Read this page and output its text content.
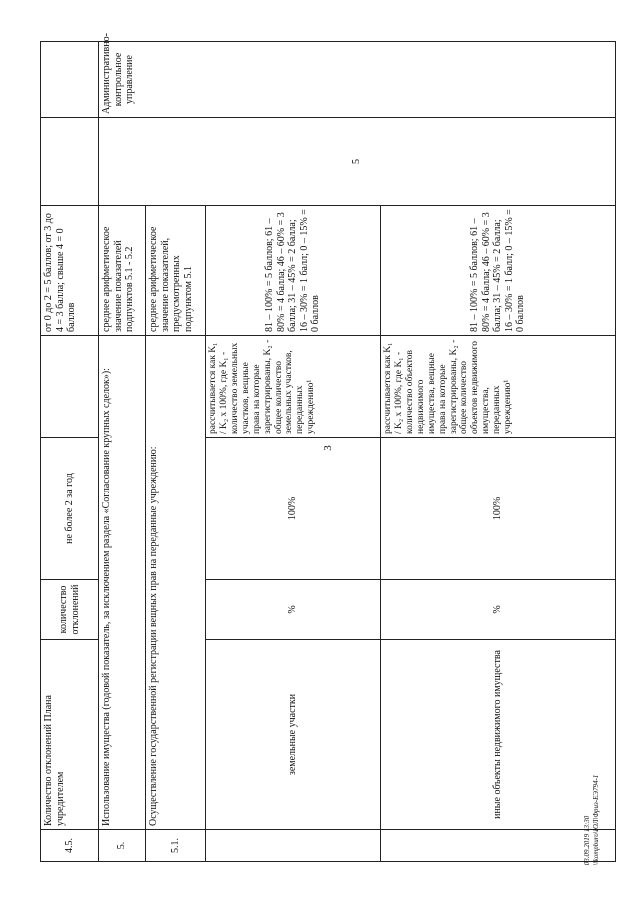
3
4.5.	Количество отклонений Плана учредителем	количество отклонений	не более 2 за год		от 0 до 2 = 5 баллов; от 3 до 4 = 3 балла; свыше 4 = 0 баллов		
5.	Использование имущества (годовой показатель, за исключением раздела «Согласование крупных сделок»):				среднее арифметическое значение показателей подпунктов 5.1 - 5.2	5	Административно-контрольное управление
5.1.	Осуществление государственной регистрации вещных прав на переданные учреждению:				среднее арифметическое значение показателей, предусмотренных подпунктом 5.1		
	земельные участки	%	100%	рассчитывается как K₁ / K₂ x 100%, где K₁ - количество земельных участков, вещные права на которые зарегистрированы, K₂ - общее количество земельных участков, переданных учреждению¹	81 – 100% = 5 баллов; 61 – 80% = 4 балла; 46 – 60% = 3 балла; 31 – 45% = 2 балла; 16 – 30% = 1 балл; 0 – 15% = 0 баллов		
	иные объекты недвижимого имущества	%	100%	рассчитывается как K₁ / K₂ x 100%, где K₁ - количество объектов недвижимого имущества, вещные права на которые зарегистрированы, K₂ - общее количество объектов недвижимого имущества, переданных учреждению¹	81 – 100% = 5 баллов; 61 – 80% = 4 балла; 46 – 60% = 3 балла; 31 – 45% = 2 балла; 16 – 30% = 1 балл; 0 – 15% = 0 баллов		
03.09.2019 13:30
\\kompburo\ЮЛ\Фриз-ЕЭ794-1
